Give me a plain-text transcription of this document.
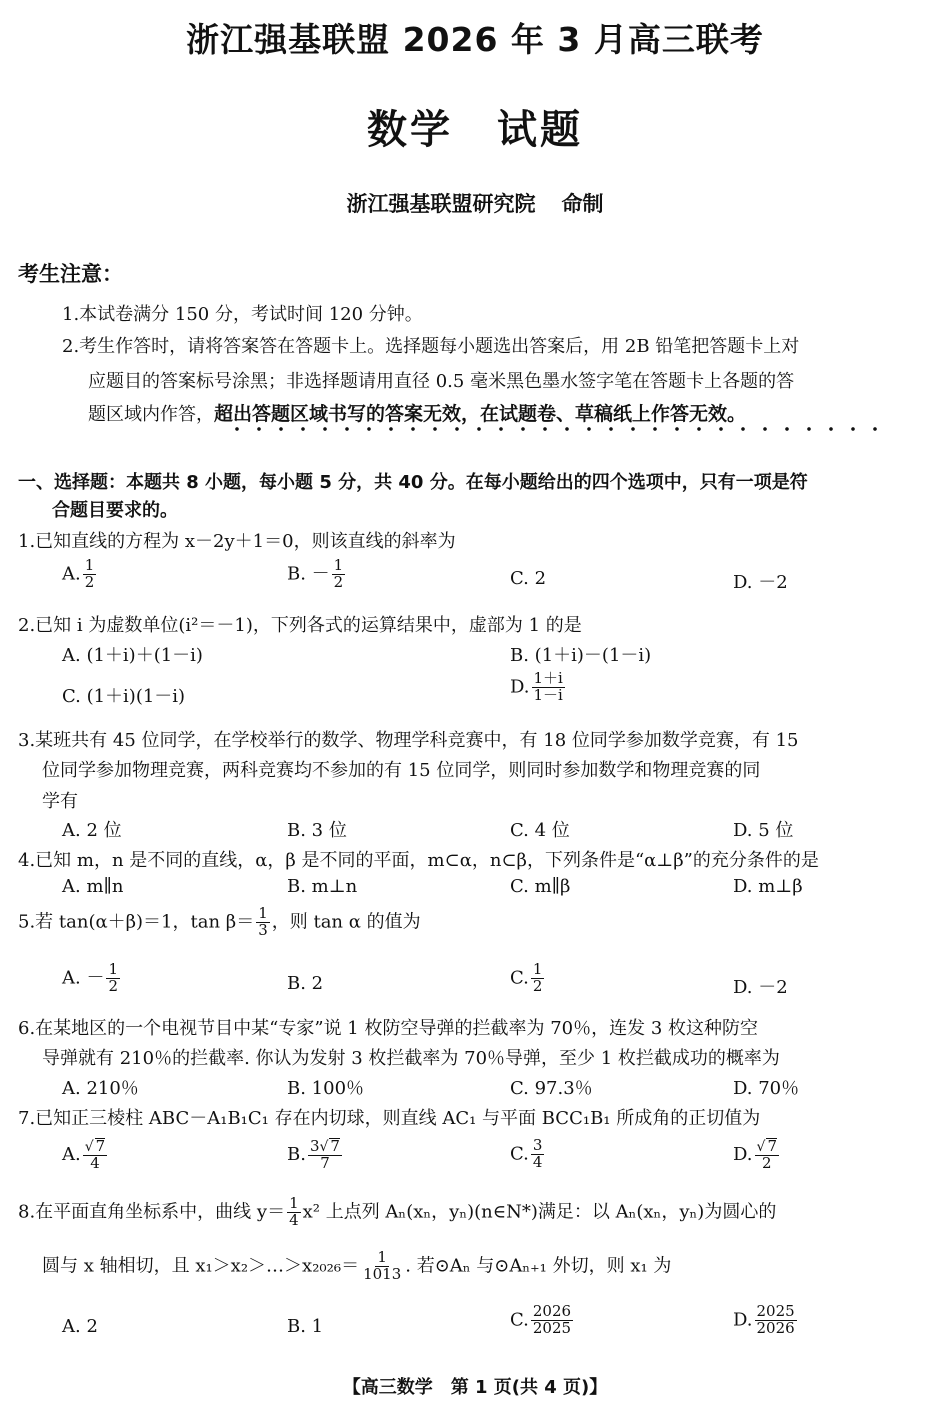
浙江强基联盟 2026 年 3 月高三联考
数学 试题
浙江强基联盟研究院 命制
考生注意：
1.本试卷满分 150 分，考试时间 120 分钟。
2.考生作答时，请将答案答在答题卡上。选择题每小题选出答案后，用 2B 铅笔把答题卡上对
应题目的答案标号涂黑；非选择题请用直径 0.5 毫米黑色墨水签字笔在答题卡上各题的答
题区域内作答，超出答题区域书写的答案无效，在试题卷、草稿纸上作答无效。
一、选择题：本题共 8 小题，每小题 5 分，共 40 分。在每小题给出的四个选项中，只有一项是符
合题目要求的。
1.已知直线的方程为 x－2y＋1＝0，则该直线的斜率为
A. $\frac{1}{2}$	B. － $\frac{1}{2}$	C. 2	D. －2
2.已知 i 为虚数单位(i²＝－1)，下列各式的运算结果中，虚部为 1 的是
A. (1＋i)＋(1－i)	B. (1＋i)－(1－i)
C. (1＋i)(1－i)	D. $\frac{1+i}{1-i}$
3.某班共有 45 位同学，在学校举行的数学、物理学科竞赛中，有 18 位同学参加数学竞赛，有 15
位同学参加物理竞赛，两科竞赛均不参加的有 15 位同学，则同时参加数学和物理竞赛的同
学有
A. 2 位	B. 3 位	C. 4 位	D. 5 位
4.已知 m，n 是不同的直线，α，β 是不同的平面，m⊂α，n⊂β，下列条件是“α⊥β”的充分条件的是
A. m∥n	B. m⊥n	C. m∥β	D. m⊥β
5.若 tan(α＋β)＝1，$\tan \beta= \frac{1}{3}$ ，则 tan α 的值为
A. － $\frac{1}{2}$	B. 2	C. $\frac{1}{2}$	D. －2
6.在某地区的一个电视节目中某“专家”说 1 枚防空导弹的拦截率为 70％，连发 3 枚这种防空
导弹就有 210％的拦截率. 你认为发射 3 枚拦截率为 70％导弹，至少 1 枚拦截成功的概率为
A. 210％	B. 100％	C. 97.3％	D. 70％
7.已知正三棱柱 ABC－A₁B₁C₁ 存在内切球，则直线 AC₁ 与平面 BCC₁B₁ 所成角的正切值为
A. $\frac{√ 7}{4}$	B. $\frac{3√ 7}{7}$	C. $\frac{3}{4}$	D. $\frac{√ 7}{2}$
8.在平面直角坐标系中，曲线 $y= \frac{1}{4} x^2$ 上点列 Aₙ(xₙ，yₙ)(n∈N*)满足：以 Aₙ(xₙ，yₙ)为圆心的
圆与 x 轴相切，且 x₁＞x₂＞…＞x₂₀₂₆＝ $\frac{1}{1013}$ . 若⊙Aₙ 与⊙Aₙ₊₁ 外切，则 x₁ 为
A. 2	B. 1	C. $\frac{2026}{2025}$	D. $\frac{2025}{2026}$
【高三数学　第 1 页(共 4 页)】
